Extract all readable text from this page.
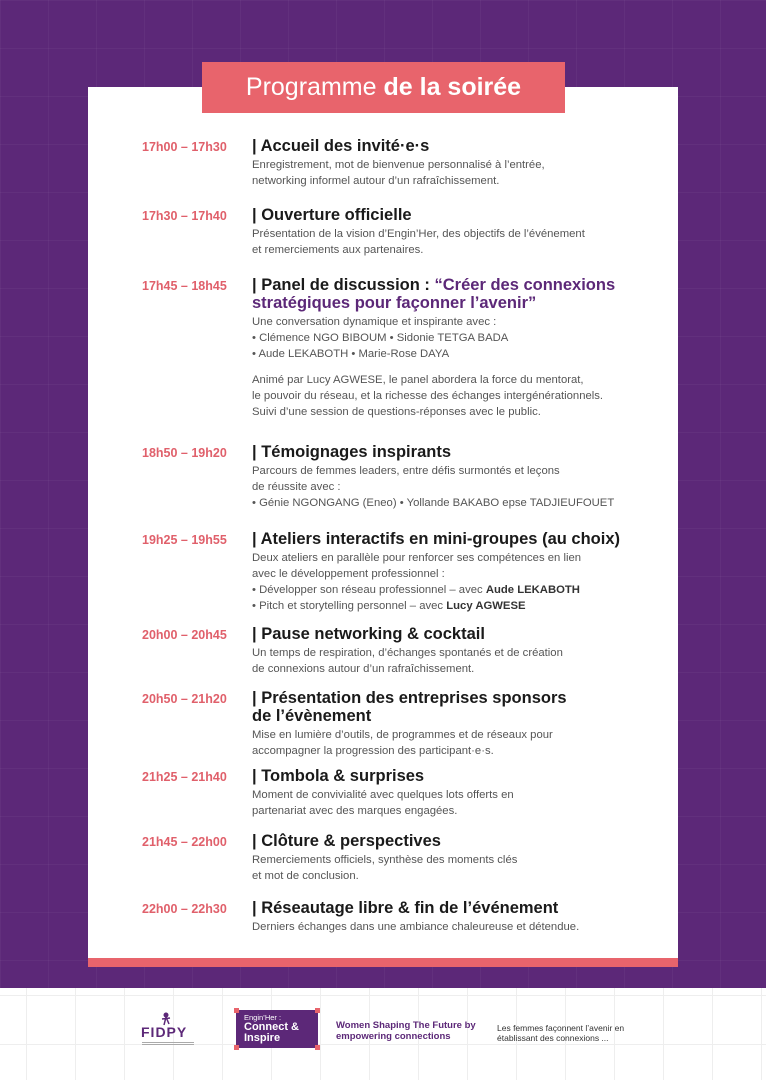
Programme de la soirée
17h00 – 17h30	| Accueil des invité·e·s
Enregistrement, mot de bienvenue personnalisé à l’entrée,
networking informel autour d’un rafraîchissement.
17h30 – 17h40	| Ouverture officielle
Présentation de la vision d’Engin’Her, des objectifs de l’événement
et remerciements aux partenaires.
17h45 – 18h45	| Panel de discussion : “Créer des connexions
stratégiques pour façonner l’avenir”
Une conversation dynamique et inspirante avec :
• Clémence NGO BIBOUM • Sidonie TETGA BADA
• Aude LEKABOTH • Marie-Rose DAYA
Animé par Lucy AGWESE, le panel abordera la force du mentorat,
le pouvoir du réseau, et la richesse des échanges intergénérationnels.
Suivi d’une session de questions-réponses avec le public.
18h50 – 19h20	| Témoignages inspirants
Parcours de femmes leaders, entre défis surmontés et leçons
de réussite avec :
• Génie NGONGANG (Eneo) • Yollande BAKABO epse TADJIEUFOUET
19h25 – 19h55	| Ateliers interactifs en mini-groupes (au choix)
Deux ateliers en parallèle pour renforcer ses compétences en lien
avec le développement professionnel :
• Développer son réseau professionnel – avec Aude LEKABOTH
• Pitch et storytelling personnel – avec Lucy AGWESE
20h00 – 20h45	| Pause networking & cocktail
Un temps de respiration, d’échanges spontanés et de création
de connexions autour d’un rafraîchissement.
20h50 – 21h20	| Présentation des entreprises sponsors
de l’évènement
Mise en lumière d’outils, de programmes et de réseaux pour
accompagner la progression des participant·e·s.
21h25 – 21h40	| Tombola & surprises
Moment de convivialité avec quelques lots offerts en
partenariat avec des marques engagées.
21h45 – 22h00	| Clôture & perspectives
Remerciements officiels, synthèse des moments clés
et mot de conclusion.
22h00 – 22h30	| Réseautage libre & fin de l’événement
Derniers échanges dans une ambiance chaleureuse et détendue.
FIDPY
Engin’Her :
Connect &
Inspire
Women Shaping The Future by
empowering connections
Les femmes façonnent l’avenir en
établissant des connexions ...
